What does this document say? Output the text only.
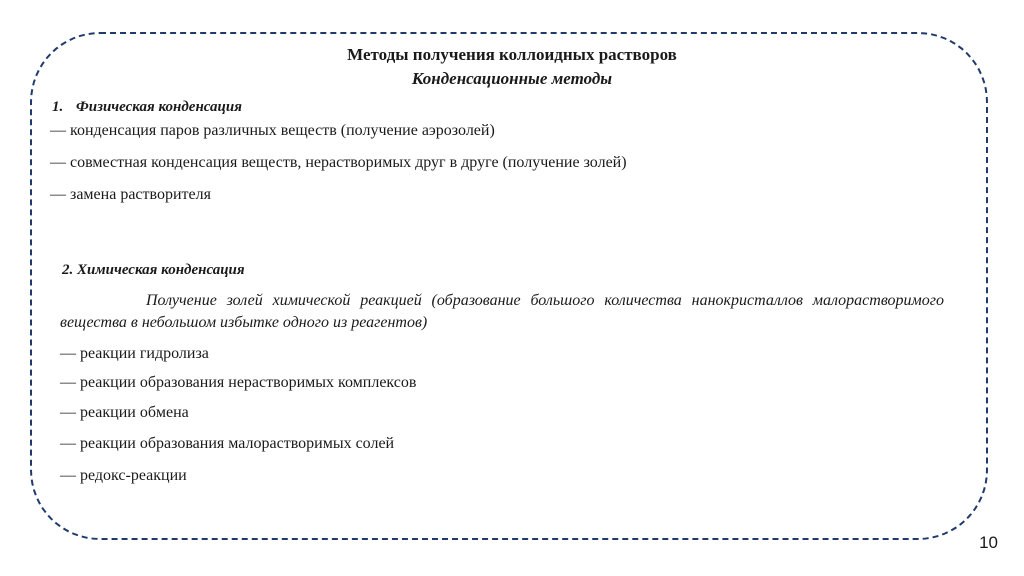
Методы получения коллоидных растворов
Конденсационные методы
1. Физическая конденсация
— конденсация паров различных веществ (получение аэрозолей)
— совместная конденсация веществ, нерастворимых друг в друге (получение золей)
— замена растворителя
2. Химическая конденсация
Получение золей химической реакцией (образование большого количества нанокристаллов малорастворимого вещества в небольшом избытке одного из реагентов)
— реакции гидролиза
— реакции образования нерастворимых комплексов
— реакции обмена
— реакции образования малорастворимых солей
— редокс-реакции
10
